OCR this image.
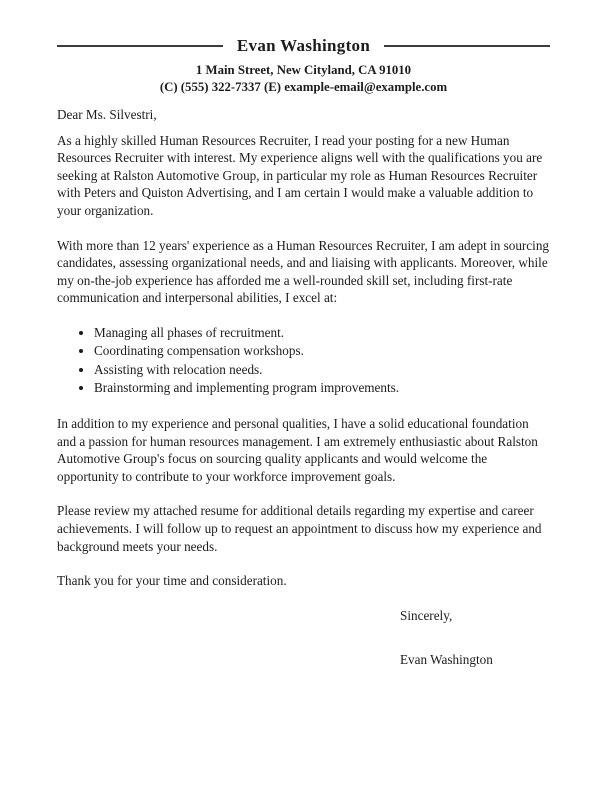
Evan Washington

1 Main Street, New Cityland, CA 91010

(C) (555) 322-7337 (E) example-email@example.com

Dear Ms. Silvestri,

As a highly skilled Human Resources Recruiter, I read your posting for a new Human Resources Recruiter with interest. My experience aligns well with the qualifications you are seeking at Ralston Automotive Group, in particular my role as Human Resources Recruiter with Peters and Quiston Advertising, and I am certain I would make a valuable addition to your organization.

With more than 12 years' experience as a Human Resources Recruiter, I am adept in sourcing candidates, assessing organizational needs, and and liaising with applicants. Moreover, while my on-the-job experience has afforded me a well-rounded skill set, including first-rate communication and interpersonal abilities, I excel at:

• Managing all phases of recruitment.
• Coordinating compensation workshops.
• Assisting with relocation needs.
• Brainstorming and implementing program improvements.

In addition to my experience and personal qualities, I have a solid educational foundation and a passion for human resources management. I am extremely enthusiastic about Ralston Automotive Group's focus on sourcing quality applicants and would welcome the opportunity to contribute to your workforce improvement goals.

Please review my attached resume for additional details regarding my expertise and career achievements. I will follow up to request an appointment to discuss how my experience and background meets your needs.

Thank you for your time and consideration.

Sincerely,

Evan Washington
